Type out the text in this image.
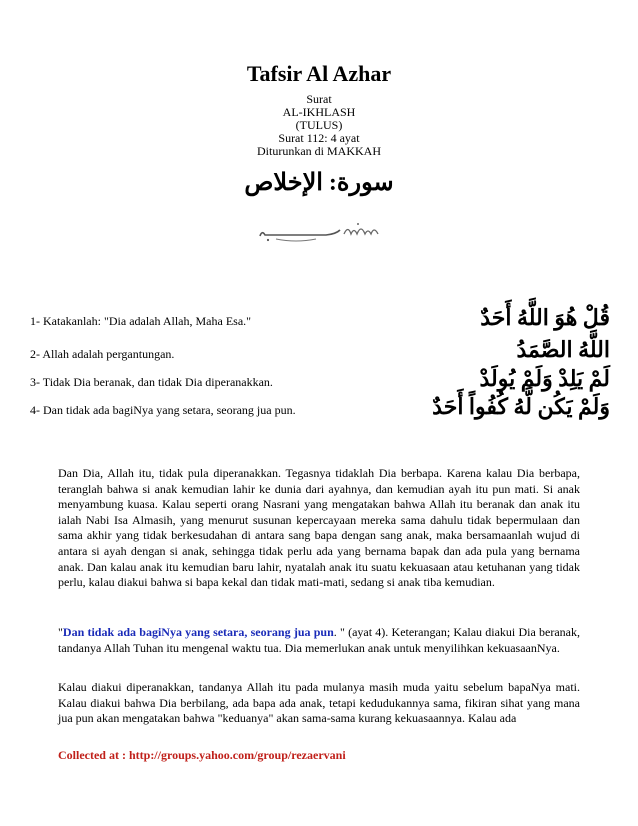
Tafsir Al Azhar
Surat
AL-IKHLASH
(TULUS)
Surat 112: 4 ayat
Diturunkan di MAKKAH
سورة: الإخلاص
1- Katakanlah: "Dia adalah Allah, Maha Esa."	قُلْ هُوَ اللَّهُ أَحَدٌ
2- Allah adalah pergantungan.	اللَّهُ الصَّمَدُ
3- Tidak Dia beranak, dan tidak Dia diperanakkan.	لَمْ يَلِدْ وَلَمْ يُولَدْ
4- Dan tidak ada bagiNya yang setara, seorang jua pun.	وَلَمْ يَكُن لَّهُ كُفُواً أَحَدٌ

Dan Dia, Allah itu, tidak pula diperanakkan. Tegasnya tidaklah Dia berbapa. Karena kalau Dia berbapa, teranglah bahwa si anak kemudian lahir ke dunia dari ayahnya, dan kemudian ayah itu pun mati. Si anak menyambung kuasa. Kalau seperti orang Nasrani yang mengatakan bahwa Allah itu beranak dan anak itu ialah Nabi Isa Almasih, yang menurut susunan kepercayaan mereka sama dahulu tidak bepermulaan dan sama akhir yang tidak berkesudahan di antara sang bapa dengan sang anak, maka bersamaanlah wujud di antara si ayah dengan si anak, sehingga tidak perlu ada yang bernama bapak dan ada pula yang bernama anak. Dan kalau anak itu kemudian baru lahir, nyatalah anak itu suatu kekuasaan atau ketuhanan yang tidak perlu, kalau diakui bahwa si bapa kekal dan tidak mati-mati, sedang si anak tiba kemudian.

"Dan tidak ada bagiNya yang setara, seorang jua pun. " (ayat 4). Keterangan; Kalau diakui Dia beranak, tandanya Allah Tuhan itu mengenal waktu tua. Dia memerlukan anak untuk menyilihkan kekuasaanNya.

Kalau diakui diperanakkan, tandanya Allah itu pada mulanya masih muda yaitu sebelum bapaNya mati. Kalau diakui bahwa Dia berbilang, ada bapa ada anak, tetapi kedudukannya sama, fikiran sihat yang mana jua pun akan mengatakan bahwa "keduanya" akan sama-sama kurang kekuasaannya. Kalau ada

Collected at : http://groups.yahoo.com/group/rezaervani
